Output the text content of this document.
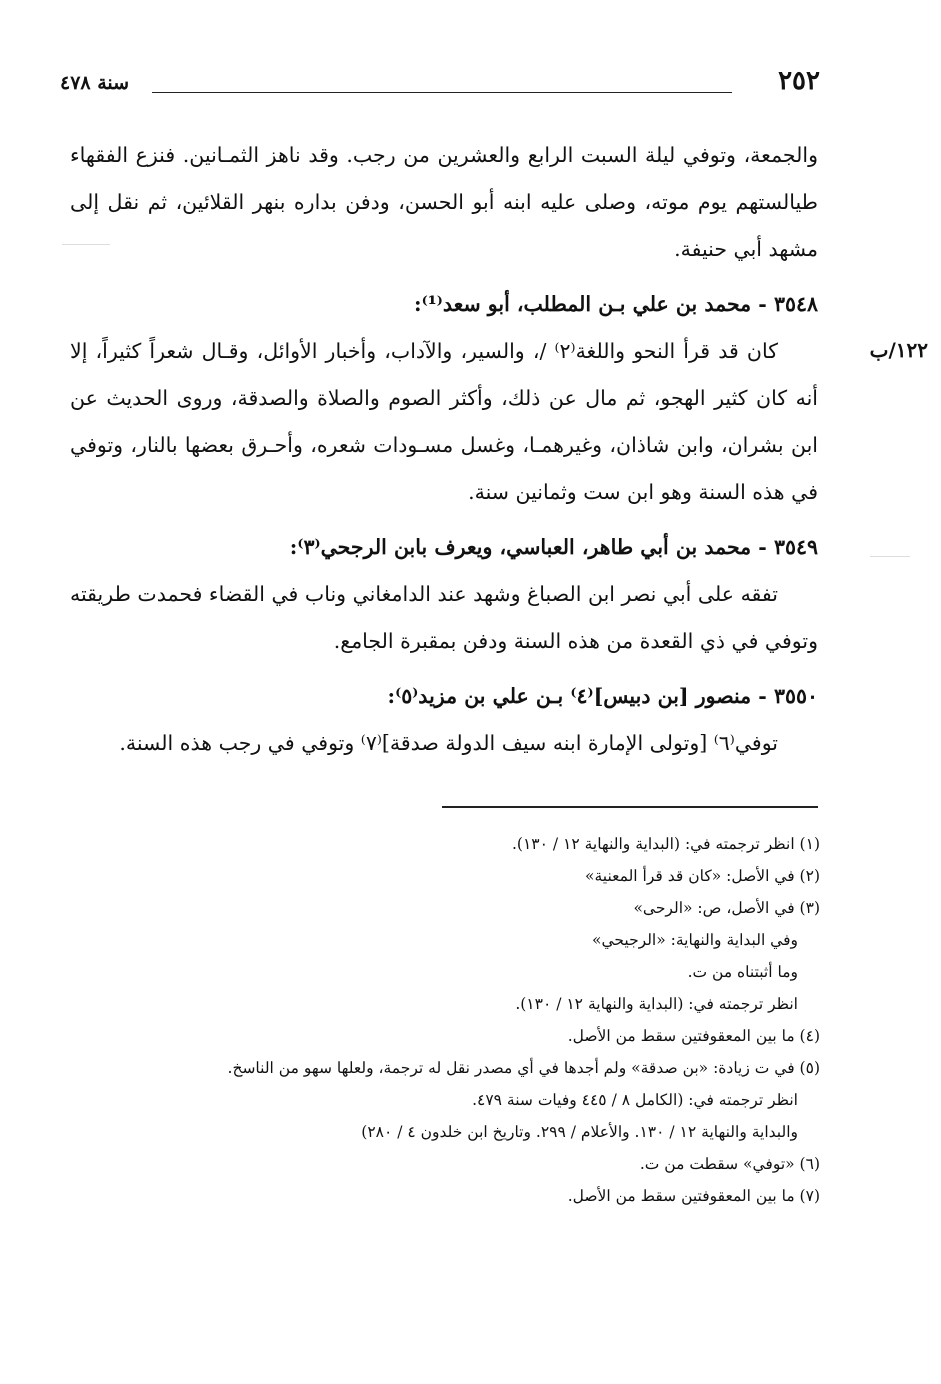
سنة ٤٧٨	٢٥٢
١٢٢/ب

والجمعة، وتوفي ليلة السبت الرابع والعشرين من رجب. وقد ناهز الثمـانين. فنزع الفقهاء طيالستهم يوم موته، وصلى عليه ابنه أبو الحسن، ودفن بداره بنهر القلائين، ثم نقل إلى مشهد أبي حنيفة.

٣٥٤٨ - محمد بن علي بـن المطلب، أبو سعد⁽¹⁾:

كان قد قرأ النحو واللغة⁽٢⁾ /، والسير، والآداب، وأخبار الأوائل، وقـال شعراً كثيراً، إلا أنه كان كثير الهجو، ثم مال عن ذلك، وأكثر الصوم والصلاة والصدقة، وروى الحديث عن ابن بشران، وابن شاذان، وغيرهمـا، وغسل مسـودات شعره، وأحـرق بعضها بالنار، وتوفي في هذه السنة وهو ابن ست وثمانين سنة.

٣٥٤٩ - محمد بن أبي طاهر، العباسي، ويعرف بابن الرجحي⁽٣⁾:

تفقه على أبي نصر ابن الصباغ وشهد عند الدامغاني وناب في القضاء فحمدت طريقته وتوفي في ذي القعدة من هذه السنة ودفن بمقبرة الجامع.

٣٥٥٠ - منصور [بن دبيس]⁽٤⁾ بـن علي بن مزيد⁽٥⁾:

توفي⁽٦⁾ [وتولى الإمارة ابنه سيف الدولة صدقة]⁽٧⁾ وتوفي في رجب هذه السنة.

(١) انظر ترجمته في: (البداية والنهاية ١٢ / ١٣٠).
(٢) في الأصل: «كان قد قرأ المعنية»
(٣) في الأصل، ص: «الرحى»
وفي البداية والنهاية: «الرجيحي»
وما أثبتناه من ت.
انظر ترجمته في: (البداية والنهاية ١٢ / ١٣٠).
(٤) ما بين المعقوفتين سقط من الأصل.
(٥) في ت زيادة: «بن صدقة» ولم أجدها في أي مصدر نقل له ترجمة، ولعلها سهو من الناسخ.
انظر ترجمته في: (الكامل ٨ / ٤٤٥ وفيات سنة ٤٧٩.
والبداية والنهاية ١٢ / ١٣٠. والأعلام / ٢٩٩. وتاريخ ابن خلدون ٤ / ٢٨٠)
(٦) «توفي» سقطت من ت.
(٧) ما بين المعقوفتين سقط من الأصل.
